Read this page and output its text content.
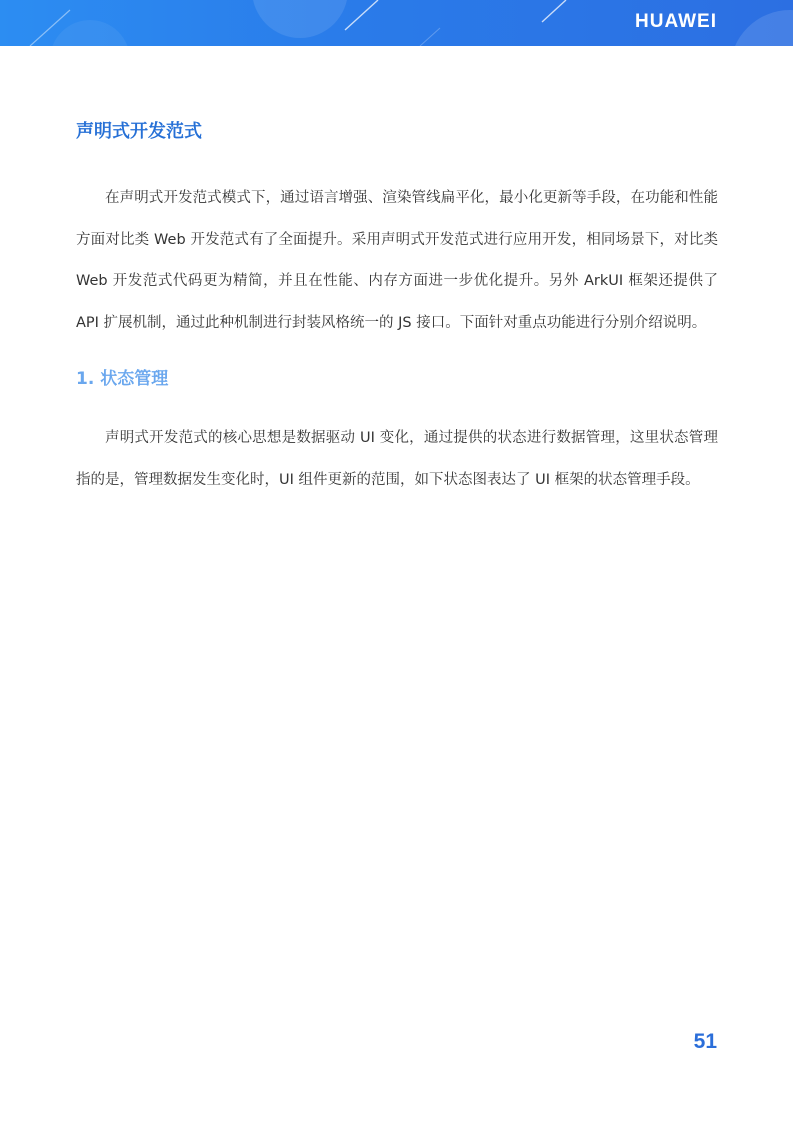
HUAWEI
声明式开发范式

在声明式开发范式模式下，通过语言增强、渲染管线扁平化，最小化更新等手段，在功能和性能方面对比类 Web 开发范式有了全面提升。采用声明式开发范式进行应用开发，相同场景下，对比类 Web 开发范式代码更为精简，并且在性能、内存方面进一步优化提升。另外 ArkUI 框架还提供了 API 扩展机制，通过此种机制进行封装风格统一的 JS 接口。下面针对重点功能进行分别介绍说明。

1. 状态管理

声明式开发范式的核心思想是数据驱动 UI 变化，通过提供的状态进行数据管理，这里状态管理指的是，管理数据发生变化时，UI 组件更新的范围，如下状态图表达了 UI 框架的状态管理手段。

51
